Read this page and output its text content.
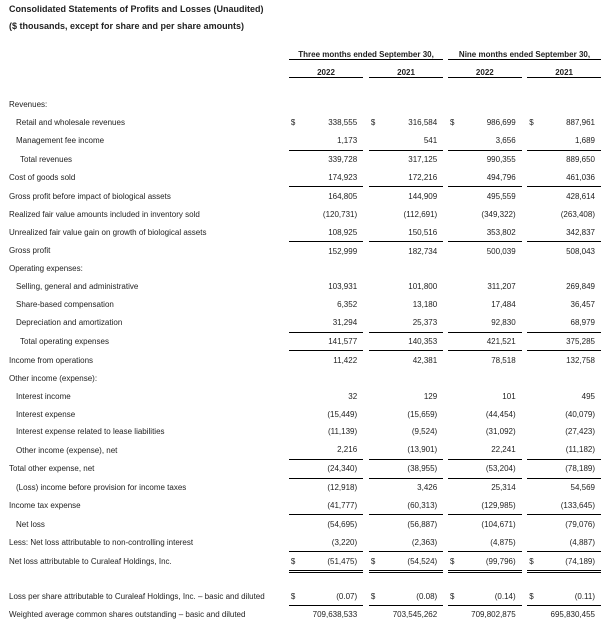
Consolidated Statements of Profits and Losses (Unaudited)
($ thousands, except for share and per share amounts)

	Three months ended September 30,						Nine months ended September 30,				

	2022			2021			2022			2021	

Revenues:											
Retail and wholesale revenues	$	338,555		$	316,584		$	986,699		$	887,961
Management fee income		1,173			541			3,656			1,689
Total revenues		339,728			317,125			990,355			889,650
Cost of goods sold		174,923			172,216			494,796			461,036
Gross profit before impact of biological assets		164,805			144,909			495,559			428,614
Realized fair value amounts included in inventory sold		(120,731)			(112,691)			(349,322)			(263,408)
Unrealized fair value gain on growth of biological assets		108,925			150,516			353,802			342,837
Gross profit		152,999			182,734			500,039			508,043
Operating expenses:											
Selling, general and administrative		103,931			101,800			311,207			269,849
Share-based compensation		6,352			13,180			17,484			36,457
Depreciation and amortization		31,294			25,373			92,830			68,979
Total operating expenses		141,577			140,353			421,521			375,285
Income from operations		11,422			42,381			78,518			132,758
Other income (expense):											
Interest income		32			129			101			495
Interest expense		(15,449)			(15,659)			(44,454)			(40,079)
Interest expense related to lease liabilities		(11,139)			(9,524)			(31,092)			(27,423)
Other income (expense), net		2,216			(13,901)			22,241			(11,182)
Total other expense, net		(24,340)			(38,955)			(53,204)			(78,189)
(Loss) income before provision for income taxes		(12,918)			3,426			25,314			54,569
Income tax expense		(41,777)			(60,313)			(129,985)			(133,645)
Net loss		(54,695)			(56,887)			(104,671)			(79,076)
Less: Net loss attributable to non-controlling interest		(3,220)			(2,363)			(4,875)			(4,887)
Net loss attributable to Curaleaf Holdings, Inc.	$	(51,475)		$	(54,524)		$	(99,796)		$	(74,189)

Loss per share attributable to Curaleaf Holdings, Inc. – basic and diluted	$	(0.07)		$	(0.08)		$	(0.14)		$	(0.11)
Weighted average common shares outstanding – basic and diluted		709,638,533			703,545,262			709,802,875			695,830,455
